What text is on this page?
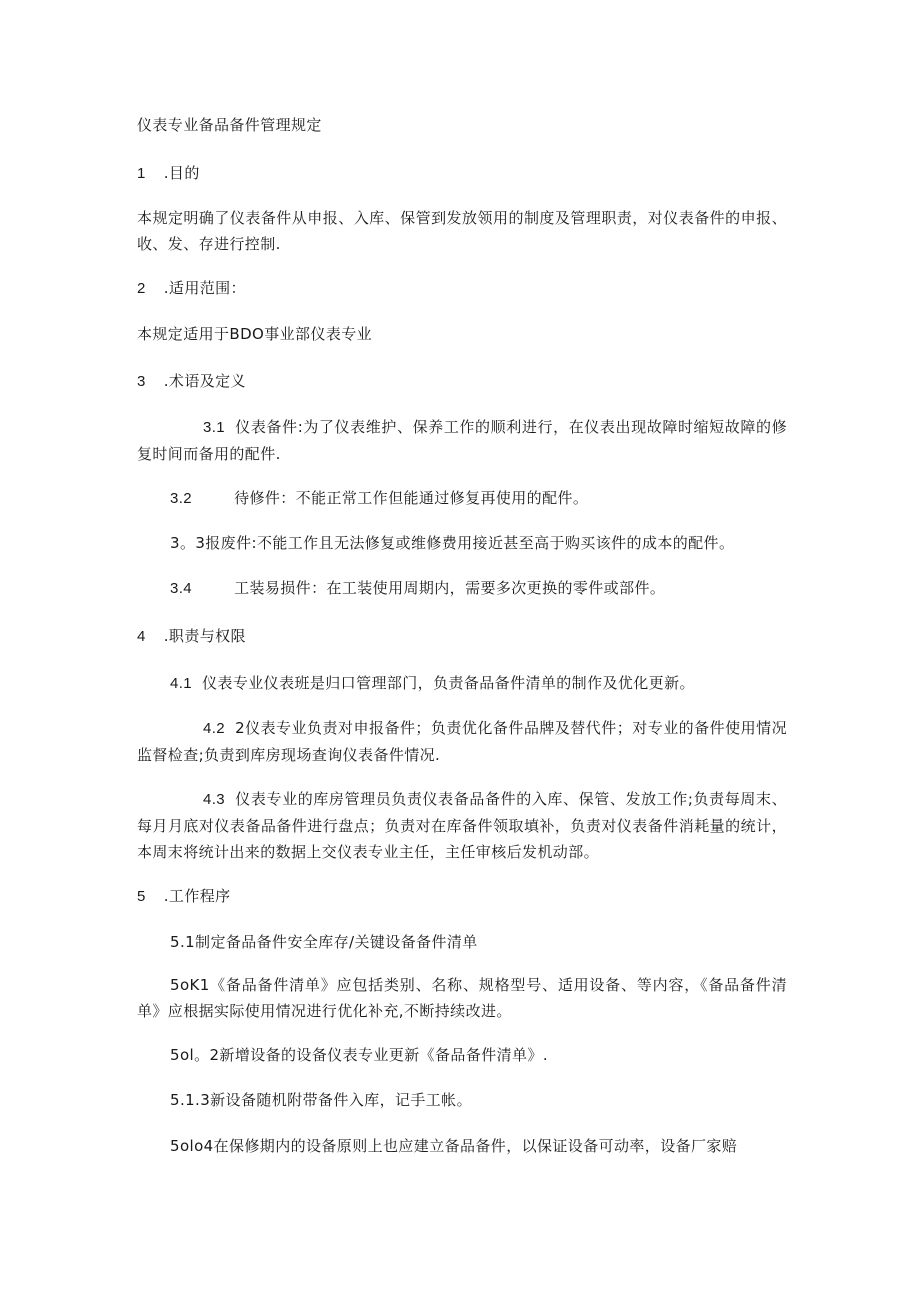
仪表专业备品备件管理规定
1 .目的
本规定明确了仪表备件从申报、入库、保管到发放领用的制度及管理职责，对仪表备件的申报、收、发、存进行控制.
2 .适用范围：
本规定适用于BDO事业部仪表专业
3 .术语及定义
3.1 仪表备件:为了仪表维护、保养工作的顺利进行，在仪表出现故障时缩短故障的修复时间而备用的配件.
3.2	待修件：不能正常工作但能通过修复再使用的配件。
3。3报废件:不能工作且无法修复或维修费用接近甚至高于购买该件的成本的配件。
3.4	工装易损件：在工装使用周期内，需要多次更换的零件或部件。
4 .职责与权限
4.1 仪表专业仪表班是归口管理部门，负责备品备件清单的制作及优化更新。
4.2 2仪表专业负责对申报备件；负责优化备件品牌及替代件；对专业的备件使用情况监督检查;负责到库房现场查询仪表备件情况.
4.3 仪表专业的库房管理员负责仪表备品备件的入库、保管、发放工作;负责每周末、每月月底对仪表备品备件进行盘点；负责对在库备件领取填补，负责对仪表备件消耗量的统计，本周末将统计出来的数据上交仪表专业主任，主任审核后发机动部。
5 .工作程序
5.1制定备品备件安全库存/关键设备备件清单
5oK1《备品备件清单》应包括类别、名称、规格型号、适用设备、等内容，《备品备件清单》应根据实际使用情况进行优化补充,不断持续改进。
5ol。2新增设备的设备仪表专业更新《备品备件清单》.
5.1.3新设备随机附带备件入库，记手工帐。
5olo4在保修期内的设备原则上也应建立备品备件，以保证设备可动率，设备厂家赔
